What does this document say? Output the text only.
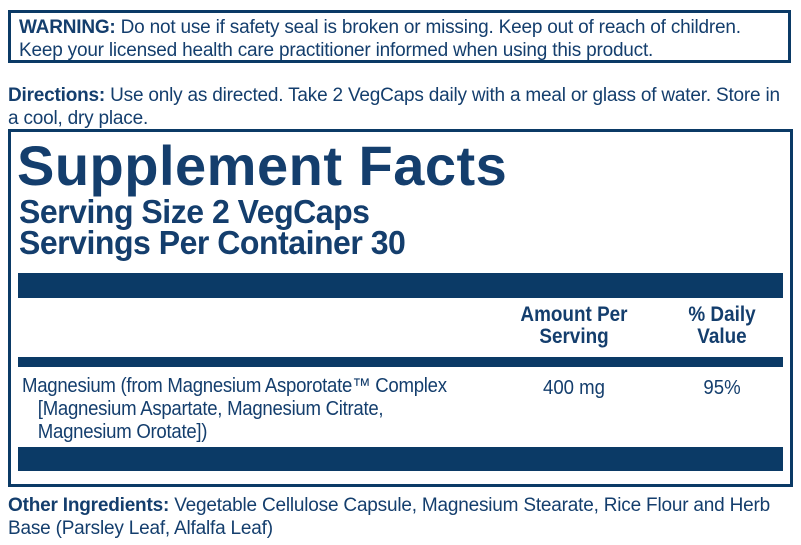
WARNING: Do not use if safety seal is broken or missing. Keep out of reach of children. Keep your licensed health care practitioner informed when using this product.

Directions: Use only as directed. Take 2 VegCaps daily with a meal or glass of water. Store in a cool, dry place.

Supplement Facts
Serving Size 2 VegCaps
Servings Per Container 30
Amount Per
Serving
% Daily
Value
Magnesium (from Magnesium Asporotate™ Complex
[Magnesium Aspartate, Magnesium Citrate,
Magnesium Orotate])
400 mg	95%

Other Ingredients: Vegetable Cellulose Capsule, Magnesium Stearate, Rice Flour and Herb Base (Parsley Leaf, Alfalfa Leaf)
